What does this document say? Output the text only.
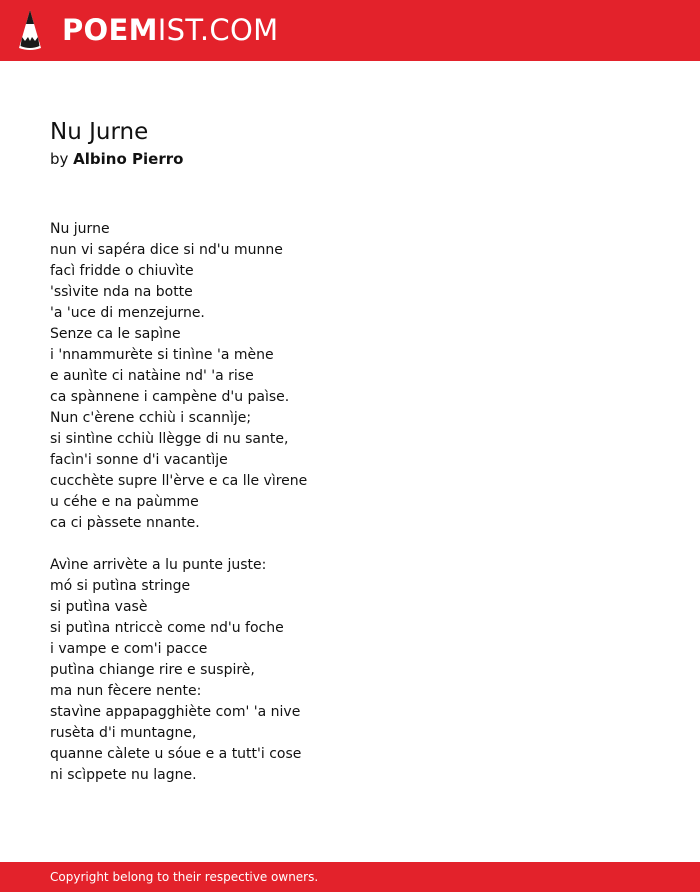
POEMIST.COM
Nu Jurne
by Albino Pierro
Nu jurne
nun vi sapéra dice si nd'u munne
facì fridde o chiuvìte
'ssìvite nda na botte
'a 'uce di menzejurne.
Senze ca le sapìne
i 'nnammurète si tinìne 'a mène
e aunìte ci natàine nd' 'a rise
ca spànnene i campène d'u paìse.
Nun c'èrene cchiù i scannìje;
si sintìne cchiù llègge di nu sante,
facìn'i sonne d'i vacantìje
cucchète supre ll'èrve e ca lle vìrene
u céhe e na paùmme
ca ci pàssete nnante.
Avìne arrivète a lu punte juste:
mó si putìna stringe
si putìna vasè
si putìna ntriccè come nd'u foche
i vampe e com'i pacce
putìna chiange rire e suspirè,
ma nun fècere nente:
stavìne appapagghiète com' 'a nive
rusèta d'i muntagne,
quanne càlete u sóue e a tutt'i cose
ni scìppete nu lagne.
Copyright belong to their respective owners.
